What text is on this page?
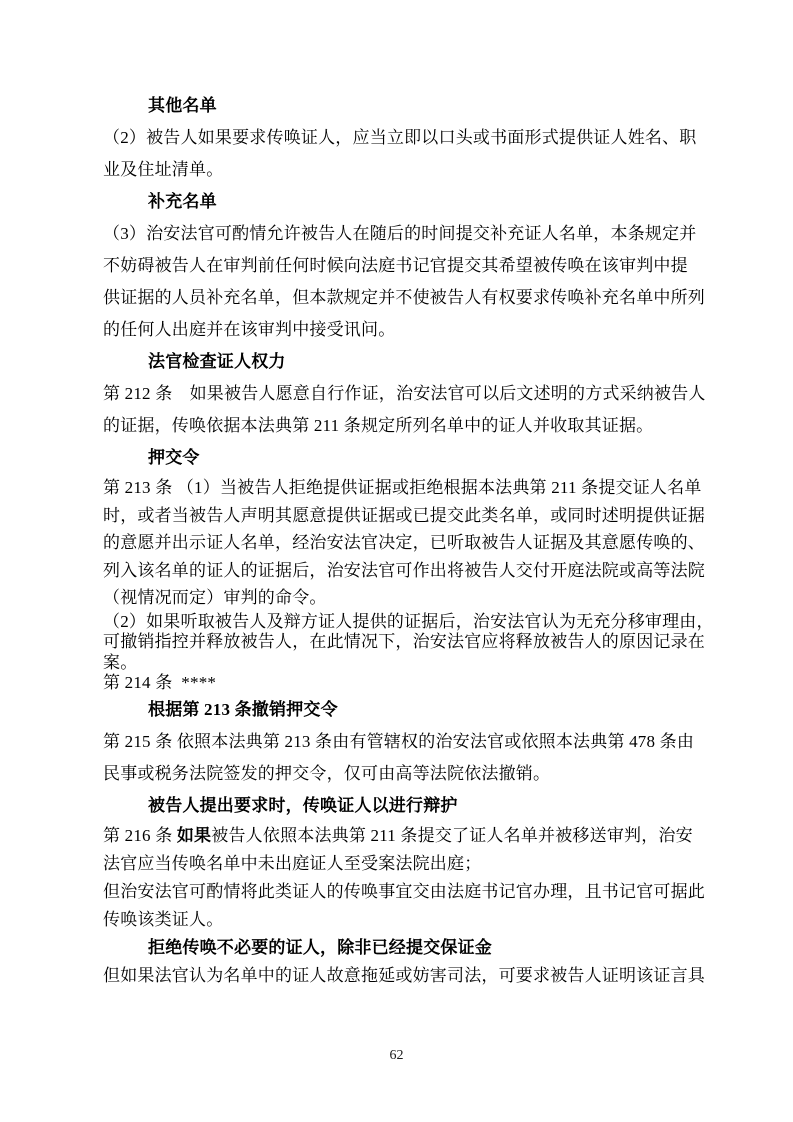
其他名单
（2）被告人如果要求传唤证人，应当立即以口头或书面形式提供证人姓名、职
业及住址清单。
补充名单
（3）治安法官可酌情允许被告人在随后的时间提交补充证人名单，本条规定并
不妨碍被告人在审判前任何时候向法庭书记官提交其希望被传唤在该审判中提
供证据的人员补充名单，但本款规定并不使被告人有权要求传唤补充名单中所列
的任何人出庭并在该审判中接受讯问。
法官检查证人权力
第 212 条　如果被告人愿意自行作证，治安法官可以后文述明的方式采纳被告人
的证据，传唤依据本法典第 211 条规定所列名单中的证人并收取其证据。
押交令
第 213 条 （1）当被告人拒绝提供证据或拒绝根据本法典第 211 条提交证人名单
时，或者当被告人声明其愿意提供证据或已提交此类名单，或同时述明提供证据
的意愿并出示证人名单，经治安法官决定，已听取被告人证据及其意愿传唤的、
列入该名单的证人的证据后，治安法官可作出将被告人交付开庭法院或高等法院
（视情况而定）审判的命令。
（2）如果听取被告人及辩方证人提供的证据后，治安法官认为无充分移审理由，
可撤销指控并释放被告人，在此情况下，治安法官应将释放被告人的原因记录在
案。
第 214 条  ****
根据第 213 条撤销押交令
第 215 条 依照本法典第 213 条由有管辖权的治安法官或依照本法典第 478 条由
民事或税务法院签发的押交令，仅可由高等法院依法撤销。
被告人提出要求时，传唤证人以进行辩护
第 216 条 如果被告人依照本法典第 211 条提交了证人名单并被移送审判，治安
法官应当传唤名单中未出庭证人至受案法院出庭；
但治安法官可酌情将此类证人的传唤事宜交由法庭书记官办理，且书记官可据此
传唤该类证人。
拒绝传唤不必要的证人，除非已经提交保证金
但如果法官认为名单中的证人故意拖延或妨害司法，可要求被告人证明该证言具
62
